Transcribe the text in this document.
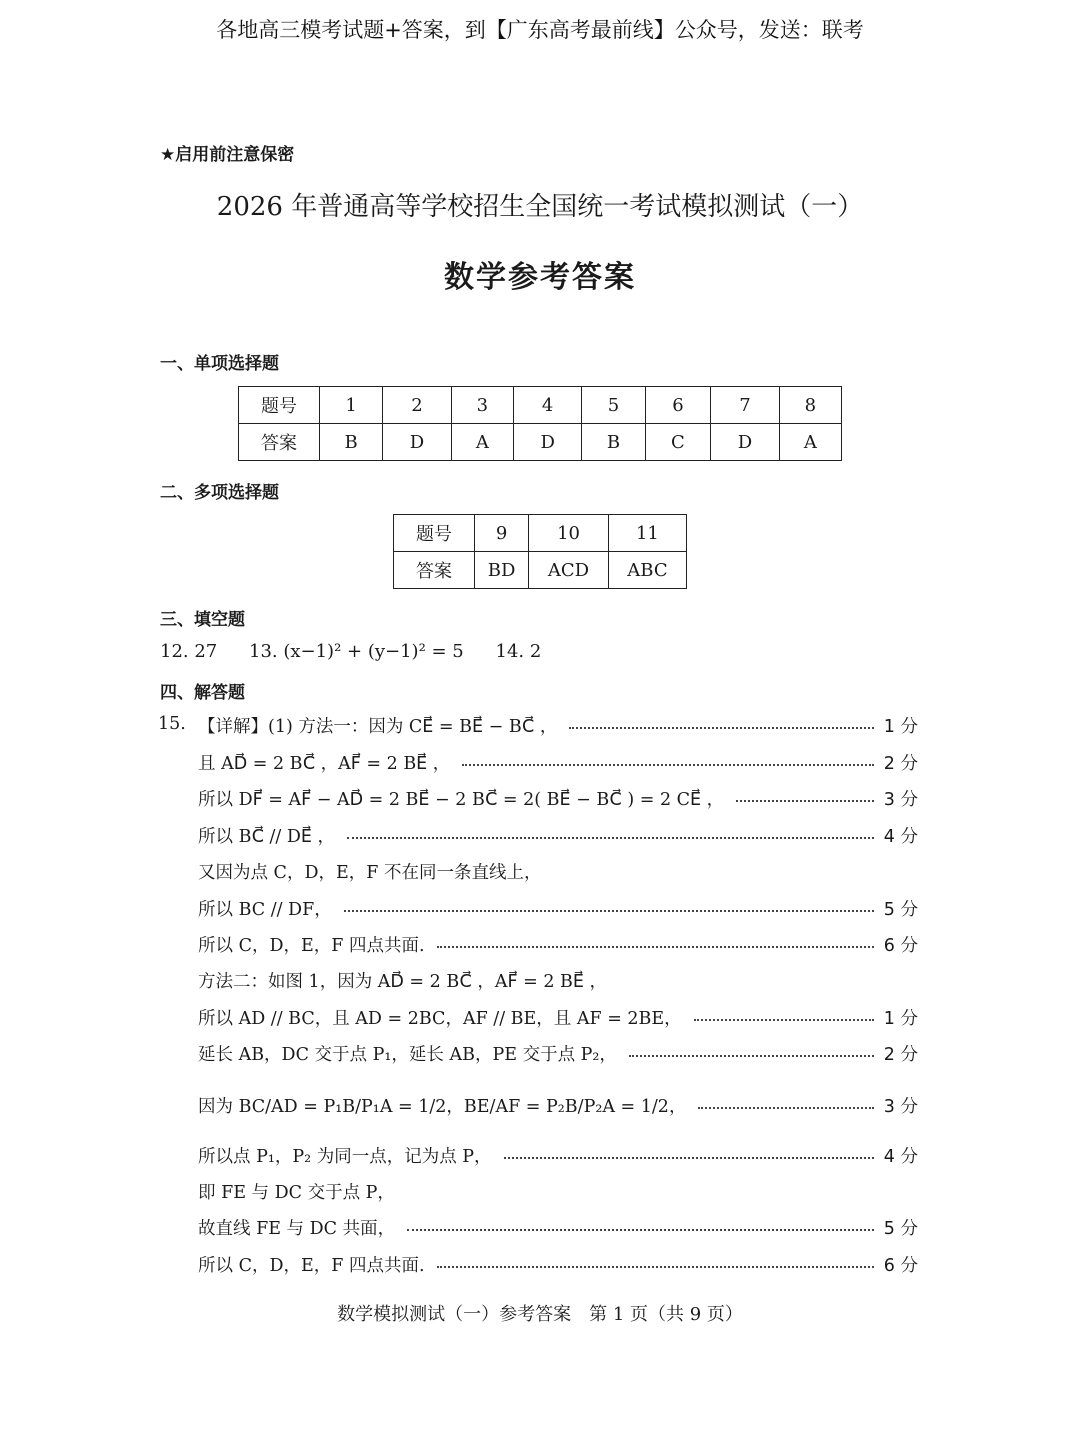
各地高三模考试题+答案，到【广东高考最前线】公众号，发送：联考
★启用前注意保密
2026 年普通高等学校招生全国统一考试模拟测试（一）
数学参考答案
一、单项选择题
题号	1	2	3	4	5	6	7	8
答案	B	D	A	D	B	C	D	A
二、多项选择题
题号	9	10	11
答案	BD	ACD	ABC
三、填空题
12. 27 13. (x−1)² + (y−1)² = 5 14. 2
四、解答题
15. 【详解】(1) 方法一：因为 CE⃗ = BE⃗ − BC⃗ ，	1 分
且 AD⃗ = 2 BC⃗ ，AF⃗ = 2 BE⃗ ，	2 分
所以 DF⃗ = AF⃗ − AD⃗ = 2 BE⃗ − 2 BC⃗ = 2( BE⃗ − BC⃗ ) = 2 CE⃗ ，	3 分
所以 BC⃗ // DE⃗ ，	4 分
又因为点 C，D，E，F 不在同一条直线上，
所以 BC // DF，	5 分
所以 C，D，E，F 四点共面.	6 分
方法二：如图 1，因为 AD⃗ = 2 BC⃗ ，AF⃗ = 2 BE⃗ ，
所以 AD // BC，且 AD = 2BC，AF // BE，且 AF = 2BE，	1 分
延长 AB，DC 交于点 P₁，延长 AB，PE 交于点 P₂，	2 分
因为 BC/AD = P₁B/P₁A = 1/2，BE/AF = P₂B/P₂A = 1/2，	3 分
所以点 P₁，P₂ 为同一点，记为点 P，	4 分
即 FE 与 DC 交于点 P，
故直线 FE 与 DC 共面，	5 分
所以 C，D，E，F 四点共面.	6 分
数学模拟测试（一）参考答案　第 1 页（共 9 页）
